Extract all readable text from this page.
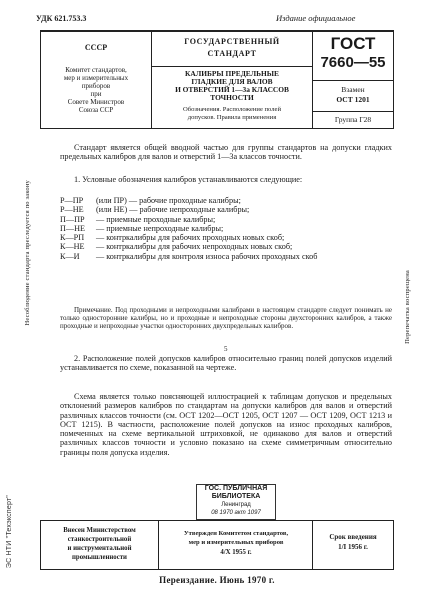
УДК 621.753.3	Издание официальное
СССР
Комитет стандартов,
мер и измерительных
приборов
при
Совете Министров
Союза ССР
ГОСУДАРСТВЕННЫЙ
СТАНДАРТ
КАЛИБРЫ ПРЕДЕЛЬНЫЕ
ГЛАДКИЕ ДЛЯ ВАЛОВ
И ОТВЕРСТИЙ 1—3а КЛАССОВ
ТОЧНОСТИ
Обозначения. Расположение полей
допусков. Правила применения
ГОСТ
7660—55
Взамен
ОСТ 1201
Группа Г28
Стандарт является общей вводной частью для группы стандартов на допуски гладких предельных калибров для валов и отверстий 1—3а классов точности.
1. Условные обозначения калибров устанавливаются следующие:
Р—ПР	(или ПР) — рабочие проходные калибры;
Р—НЕ	(или НЕ) — рабочие непроходные калибры;
П—ПР	— приемные проходные калибры;
П—НЕ	— приемные непроходные калибры;
К—РП	— контркалибры для рабочих проходных новых скоб;
К—НЕ	— контркалибры для рабочих непроходных новых скоб;
К—И	— контркалибры для контроля износа рабочих проходных скоб
Примечание. Под проходными и непроходными калибрами в настоящем стандарте следует понимать не только односторонние калибры, но и проходные и непроходные стороны двухсторонних калибров, а также проходные и непроходные участки односторонних двухпредельных калибров.
5
2. Расположение полей допусков калибров относительно границ полей допусков изделий устанавливается по схеме, показанной на чертеже.
Схема является только поясняющей иллюстрацией к таблицам допусков и предельных отклонений размеров калибров по стандартам на допуски калибров для валов и отверстий различных классов точности (см. ОСТ 1202—ОСТ 1205, ОСТ 1207 — ОСТ 1209, ОСТ 1213 и ОСТ 1215). В частности, расположение полей допусков на износ проходных калибров, помеченных на схеме вертикальной штриховкой, не одинаково для валов и отверстий различных классов точности и условно показано на схеме симметричным относительно границы поля допуска изделия.
ГОС. ПУБЛИЧНАЯ
БИБЛИОТЕКА
Ленинград
08 1970 акт 1097
Внесен Министерством
станкостроительной
и инструментальной
промышленности
Утвержден Комитетом стандартов,
мер и измерительных приборов
4/X 1955 г.
Срок введения
1/I 1956 г.
Переиздание. Июнь 1970 г.
Несоблюдение стандарта преследуется по закону	Перепечатка воспрещена
ЭС НТИ "Техэксперт"
